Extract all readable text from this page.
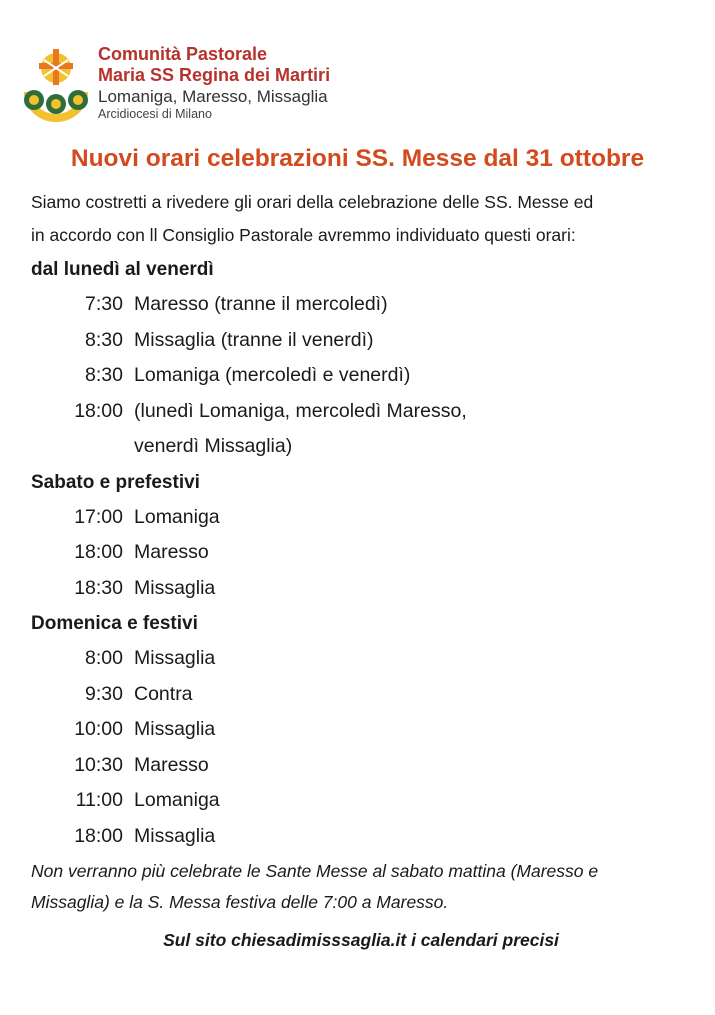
Comunità Pastorale
Maria SS Regina dei Martiri
Lomaniga, Maresso, Missaglia
Arcidiocesi di Milano
Nuovi orari celebrazioni SS. Messe dal 31 ottobre
Siamo costretti a rivedere gli orari della celebrazione delle SS. Messe ed
in accordo con ll Consiglio Pastorale avremmo individuato questi orari:
dal lunedì al venerdì
7:30 Maresso (tranne il mercoledì)
8:30 Missaglia (tranne il venerdì)
8:30 Lomaniga (mercoledì e venerdì)
18:00 (lunedì Lomaniga, mercoledì Maresso,
venerdì Missaglia)
Sabato e prefestivi
17:00 Lomaniga
18:00 Maresso
18:30 Missaglia
Domenica e festivi
8:00 Missaglia
9:30 Contra
10:00 Missaglia
10:30 Maresso
11:00 Lomaniga
18:00 Missaglia
Non verranno più celebrate le Sante Messe al sabato mattina (Maresso e
Missaglia) e la S. Messa festiva delle 7:00 a Maresso.
Sul sito chiesadimisssaglia.it i calendari precisi
